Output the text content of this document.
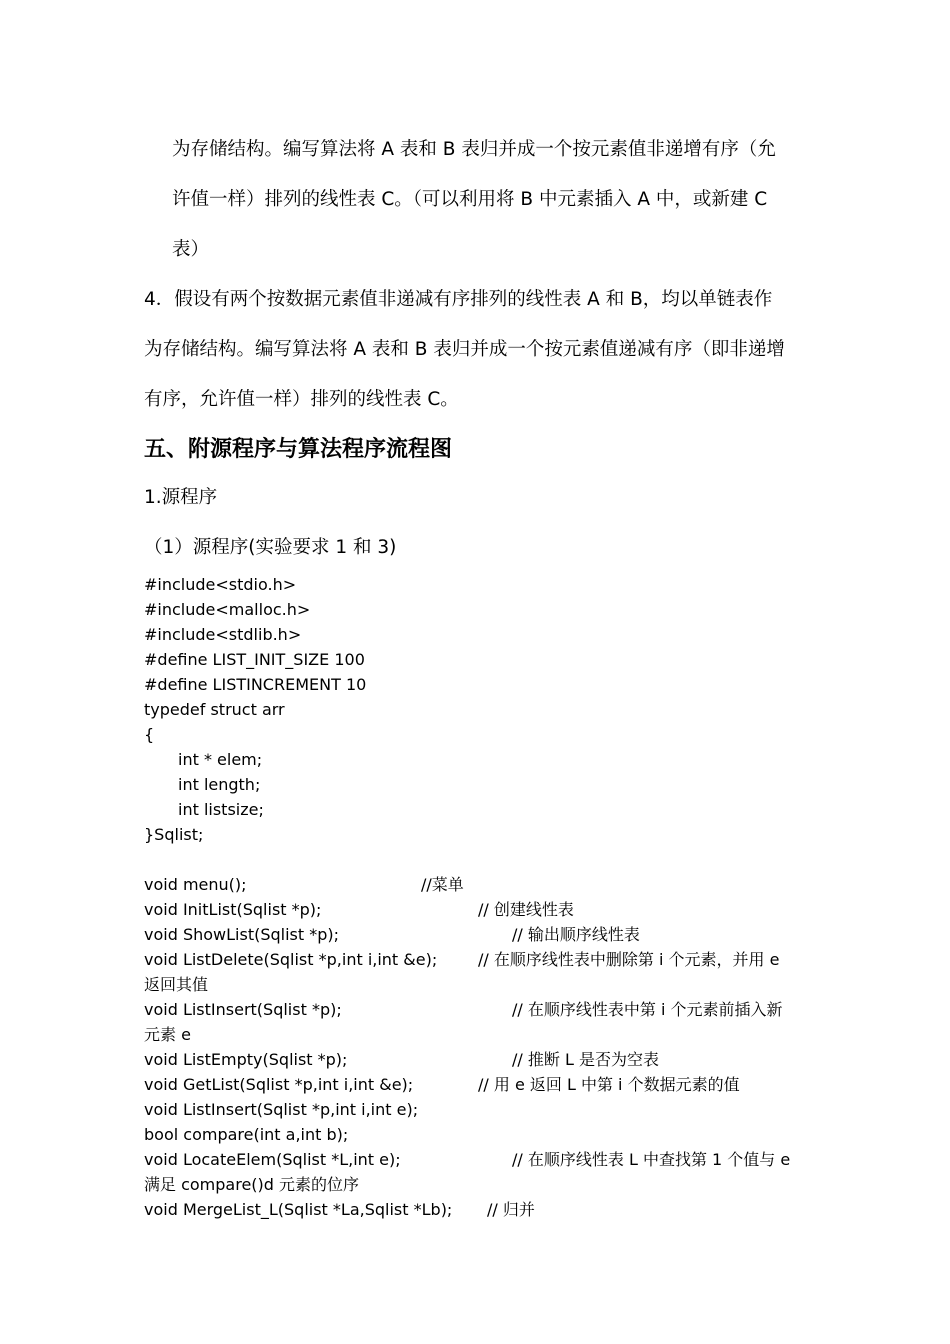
为存储结构。编写算法将 A 表和 B 表归并成一个按元素值非递增有序（允
许值一样）排列的线性表 C。（可以利用将 B 中元素插入 A 中，或新建 C
表）
4．假设有两个按数据元素值非递减有序排列的线性表 A 和 B，均以单链表作
为存储结构。编写算法将 A 表和 B 表归并成一个按元素值递减有序（即非递增
有序，允许值一样）排列的线性表 C。
五、附源程序与算法程序流程图
1.源程序
（1）源程序(实验要求 1 和 3)
#include<stdio.h>
#include<malloc.h>
#include<stdlib.h>
#define LIST_INIT_SIZE 100
#define LISTINCREMENT 10
typedef struct arr
{
int * elem;
int length;
int listsize;
}Sqlist;
void menu();	//菜单
void InitList(Sqlist *p);	// 创建线性表
void ShowList(Sqlist *p);	// 输出顺序线性表
void ListDelete(Sqlist *p,int i,int &e);	// 在顺序线性表中删除第 i 个元素，并用 e
返回其值
void ListInsert(Sqlist *p);	// 在顺序线性表中第 i 个元素前插入新
元素 e
void ListEmpty(Sqlist *p);	// 推断 L 是否为空表
void GetList(Sqlist *p,int i,int &e);	// 用 e 返回 L 中第 i 个数据元素的值
void ListInsert(Sqlist *p,int i,int e);
bool compare(int a,int b);
void LocateElem(Sqlist *L,int e);	// 在顺序线性表 L 中查找第 1 个值与 e
满足 compare()d 元素的位序
void MergeList_L(Sqlist *La,Sqlist *Lb); // 归并
